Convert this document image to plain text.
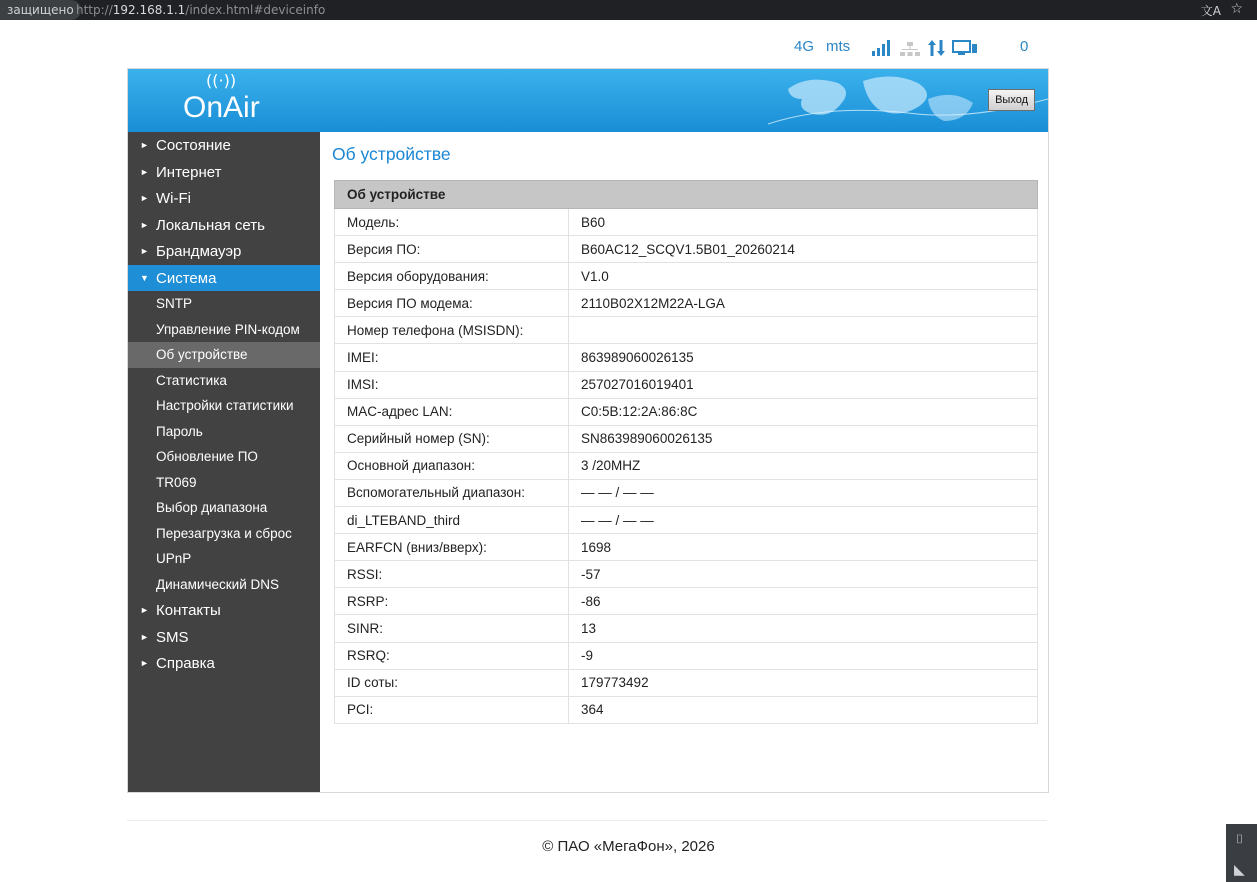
защищено http://192.168.1.1/index.html#deviceinfo	文A ☆
4G mts	0
((·))
OnAir	Выход
► Состояние
► Интернет
► Wi-Fi
► Локальная сеть
► Брандмауэр
▼ Система
SNTP
Управление PIN-кодом
Об устройстве
Статистика
Настройки статистики
Пароль
Обновление ПО
TR069
Выбор диапазона
Перезагрузка и сброс
UPnP
Динамический DNS
► Контакты
► SMS
► Справка
Об устройстве
Об устройстве	
Модель:	B60
Версия ПО:	B60AC12_SCQV1.5B01_20260214
Версия оборудования:	V1.0
Версия ПО модема:	2110B02X12M22A-LGA
Номер телефона (MSISDN):	
IMEI:	863989060026135
IMSI:	257027016019401
MAC-адрес LAN:	C0:5B:12:2A:86:8C
Серийный номер (SN):	SN863989060026135
Основной диапазон:	3 /20MHZ
Вспомогательный диапазон:	— — / — —
di_LTEBAND_third	— — / — —
EARFCN (вниз/вверх):	1698
RSSI:	-57
RSRP:	-86
SINR:	13
RSRQ:	-9
ID соты:	179773492
PCI:	364
© ПАО «МегаФон», 2026	⌷
◣
